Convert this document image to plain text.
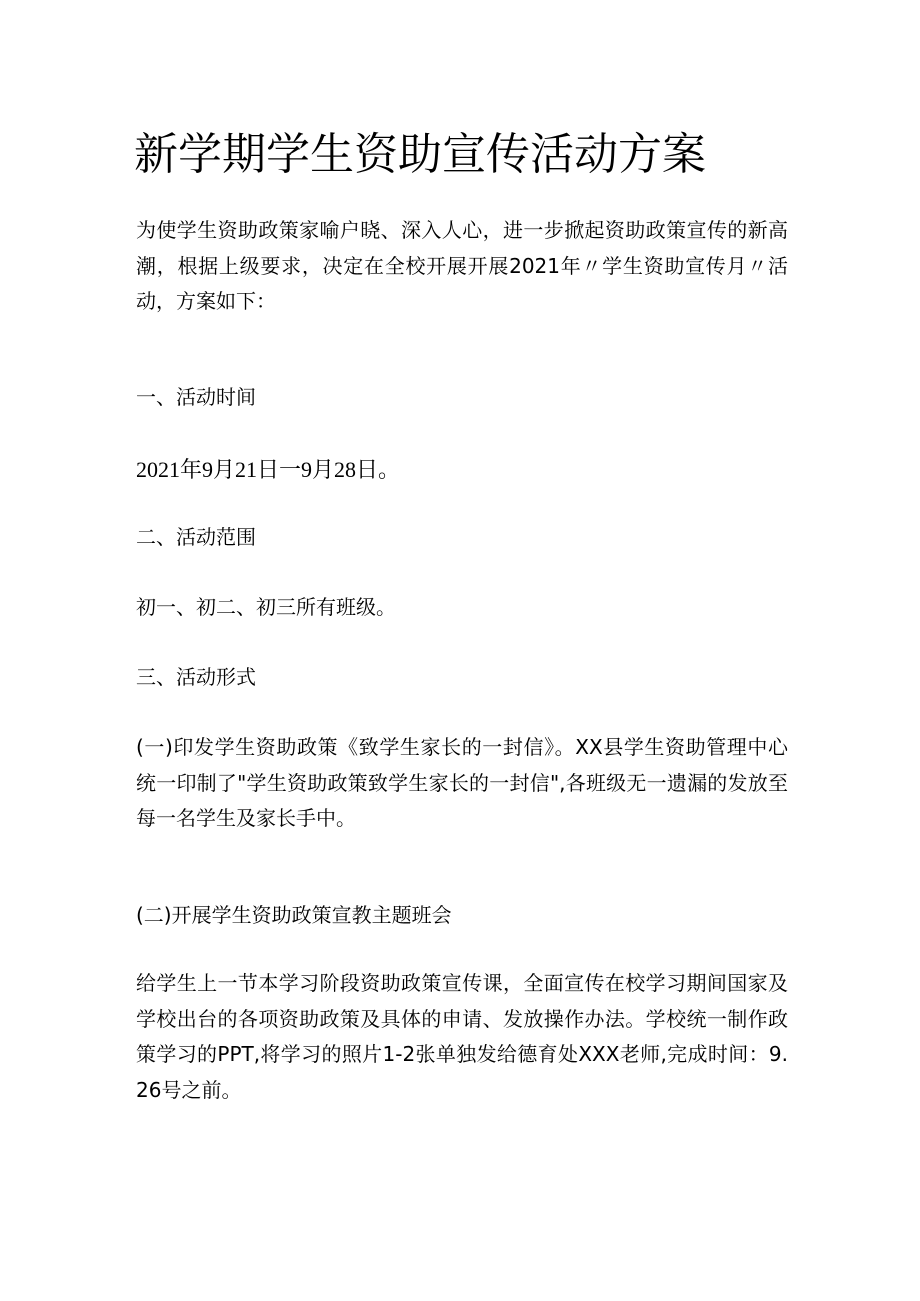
新学期学生资助宣传活动方案

为使学生资助政策家喻户晓、深入人心，进一步掀起资助政策宣传的新高潮，根据上级要求，决定在全校开展开展2021年〃学生资助宣传月〃活动，方案如下：

一、活动时间

2021年9月21日一9月28日。

二、活动范围

初一、初二、初三所有班级。

三、活动形式

(一)印发学生资助政策《致学生家长的一封信》。XX县学生资助管理中心统一印制了"学生资助政策致学生家长的一封信",各班级无一遗漏的发放至每一名学生及家长手中。

(二)开展学生资助政策宣教主题班会

给学生上一节本学习阶段资助政策宣传课，全面宣传在校学习期间国家及学校出台的各项资助政策及具体的申请、发放操作办法。学校统一制作政策学习的PPT,将学习的照片1-2张单独发给德育处XXX老师,完成时间：9.26号之前。
